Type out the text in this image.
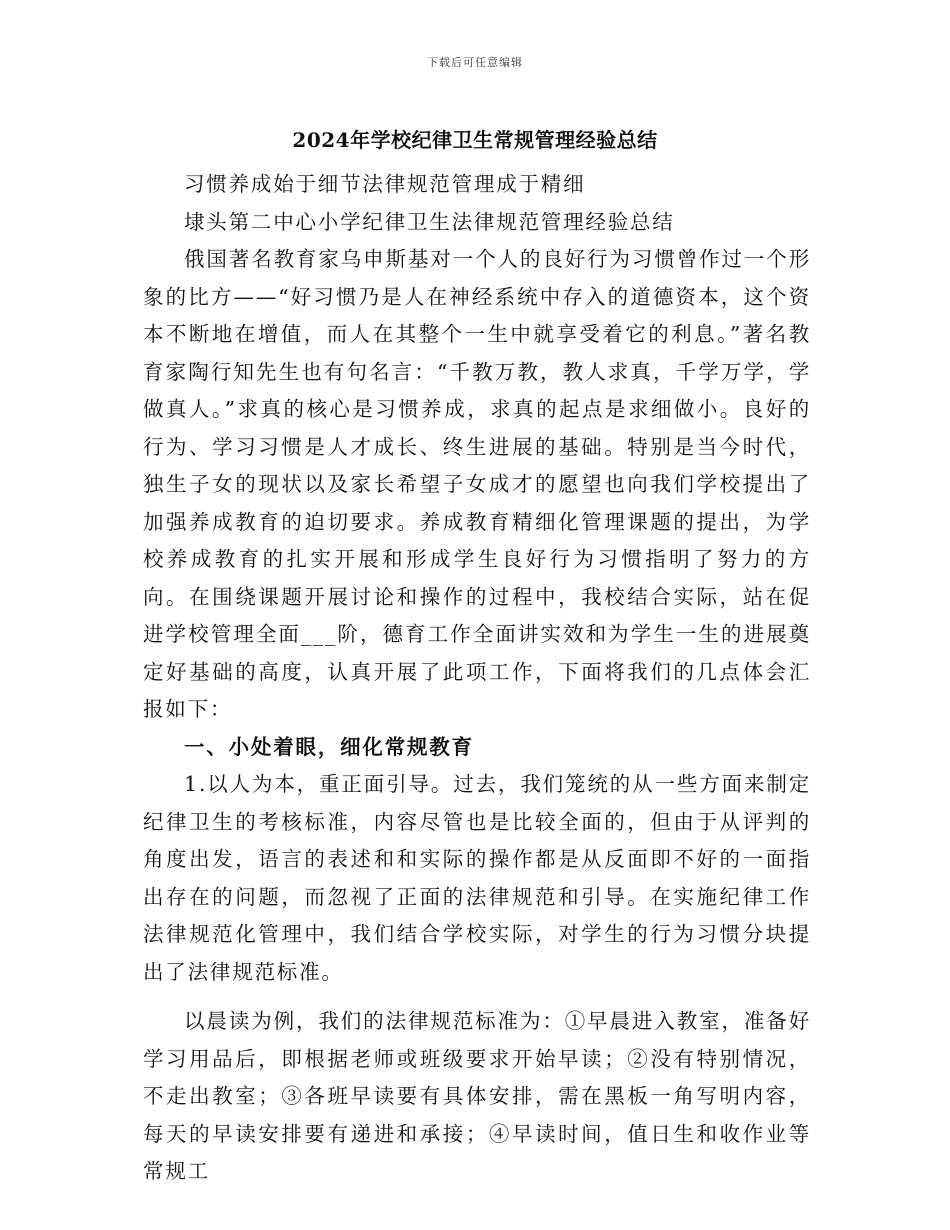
下载后可任意编辑
2024年学校纪律卫生常规管理经验总结

习惯养成始于细节法律规范管理成于精细

埭头第二中心小学纪律卫生法律规范管理经验总结

俄国著名教育家乌申斯基对一个人的良好行为习惯曾作过一个形象的比方——“好习惯乃是人在神经系统中存入的道德资本，这个资本不断地在增值，而人在其整个一生中就享受着它的利息。”著名教育家陶行知先生也有句名言：“千教万教，教人求真，千学万学，学做真人。”求真的核心是习惯养成，求真的起点是求细做小。良好的行为、学习习惯是人才成长、终生进展的基础。特别是当今时代，独生子女的现状以及家长希望子女成才的愿望也向我们学校提出了加强养成教育的迫切要求。养成教育精细化管理课题的提出，为学校养成教育的扎实开展和形成学生良好行为习惯指明了努力的方向。在围绕课题开展讨论和操作的过程中，我校结合实际，站在促进学校管理全面___阶，德育工作全面讲实效和为学生一生的进展奠定好基础的高度，认真开展了此项工作，下面将我们的几点体会汇报如下：

一、小处着眼，细化常规教育

1.以人为本，重正面引导。过去，我们笼统的从一些方面来制定纪律卫生的考核标准，内容尽管也是比较全面的，但由于从评判的角度出发，语言的表述和和实际的操作都是从反面即不好的一面指出存在的问题，而忽视了正面的法律规范和引导。在实施纪律工作法律规范化管理中，我们结合学校实际，对学生的行为习惯分块提出了法律规范标准。

以晨读为例，我们的法律规范标准为：①早晨进入教室，准备好学习用品后，即根据老师或班级要求开始早读；②没有特别情况，不走出教室；③各班早读要有具体安排，需在黑板一角写明内容，每天的早读安排要有递进和承接；④早读时间，值日生和收作业等常规工
